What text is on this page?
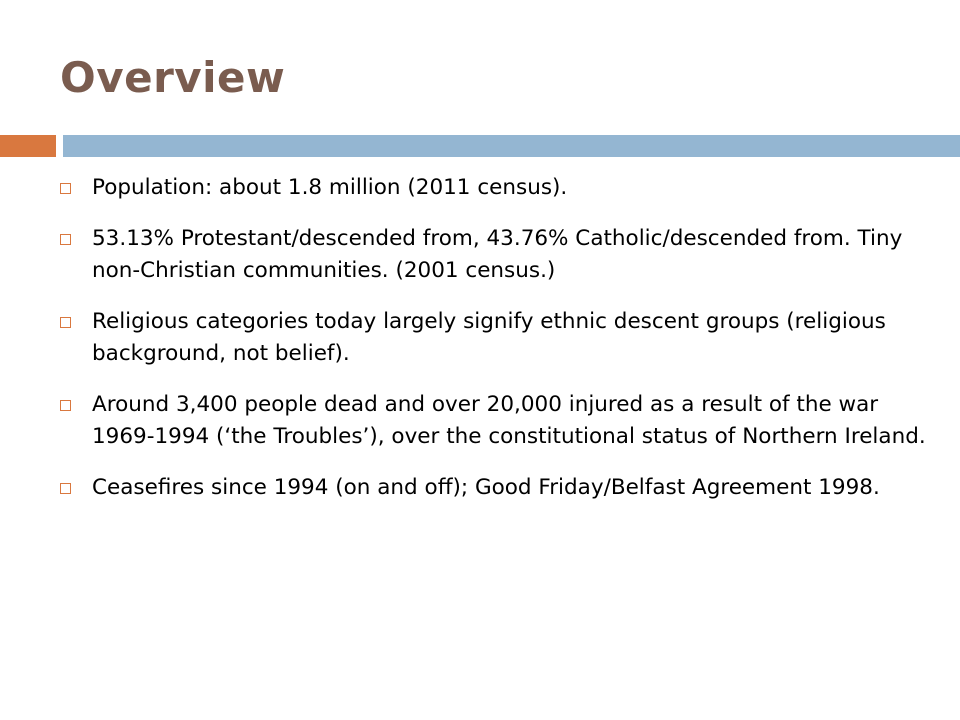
Overview
Population: about 1.8 million (2011 census).
53.13% Protestant/descended from, 43.76% Catholic/descended from. Tiny non-Christian communities. (2001 census.)
Religious categories today largely signify ethnic descent groups (religious background, not belief).
Around 3,400 people dead and over 20,000 injured as a result of the war 1969-1994 (‘the Troubles’), over the constitutional status of Northern Ireland.
Ceasefires since 1994 (on and off); Good Friday/Belfast Agreement 1998.
